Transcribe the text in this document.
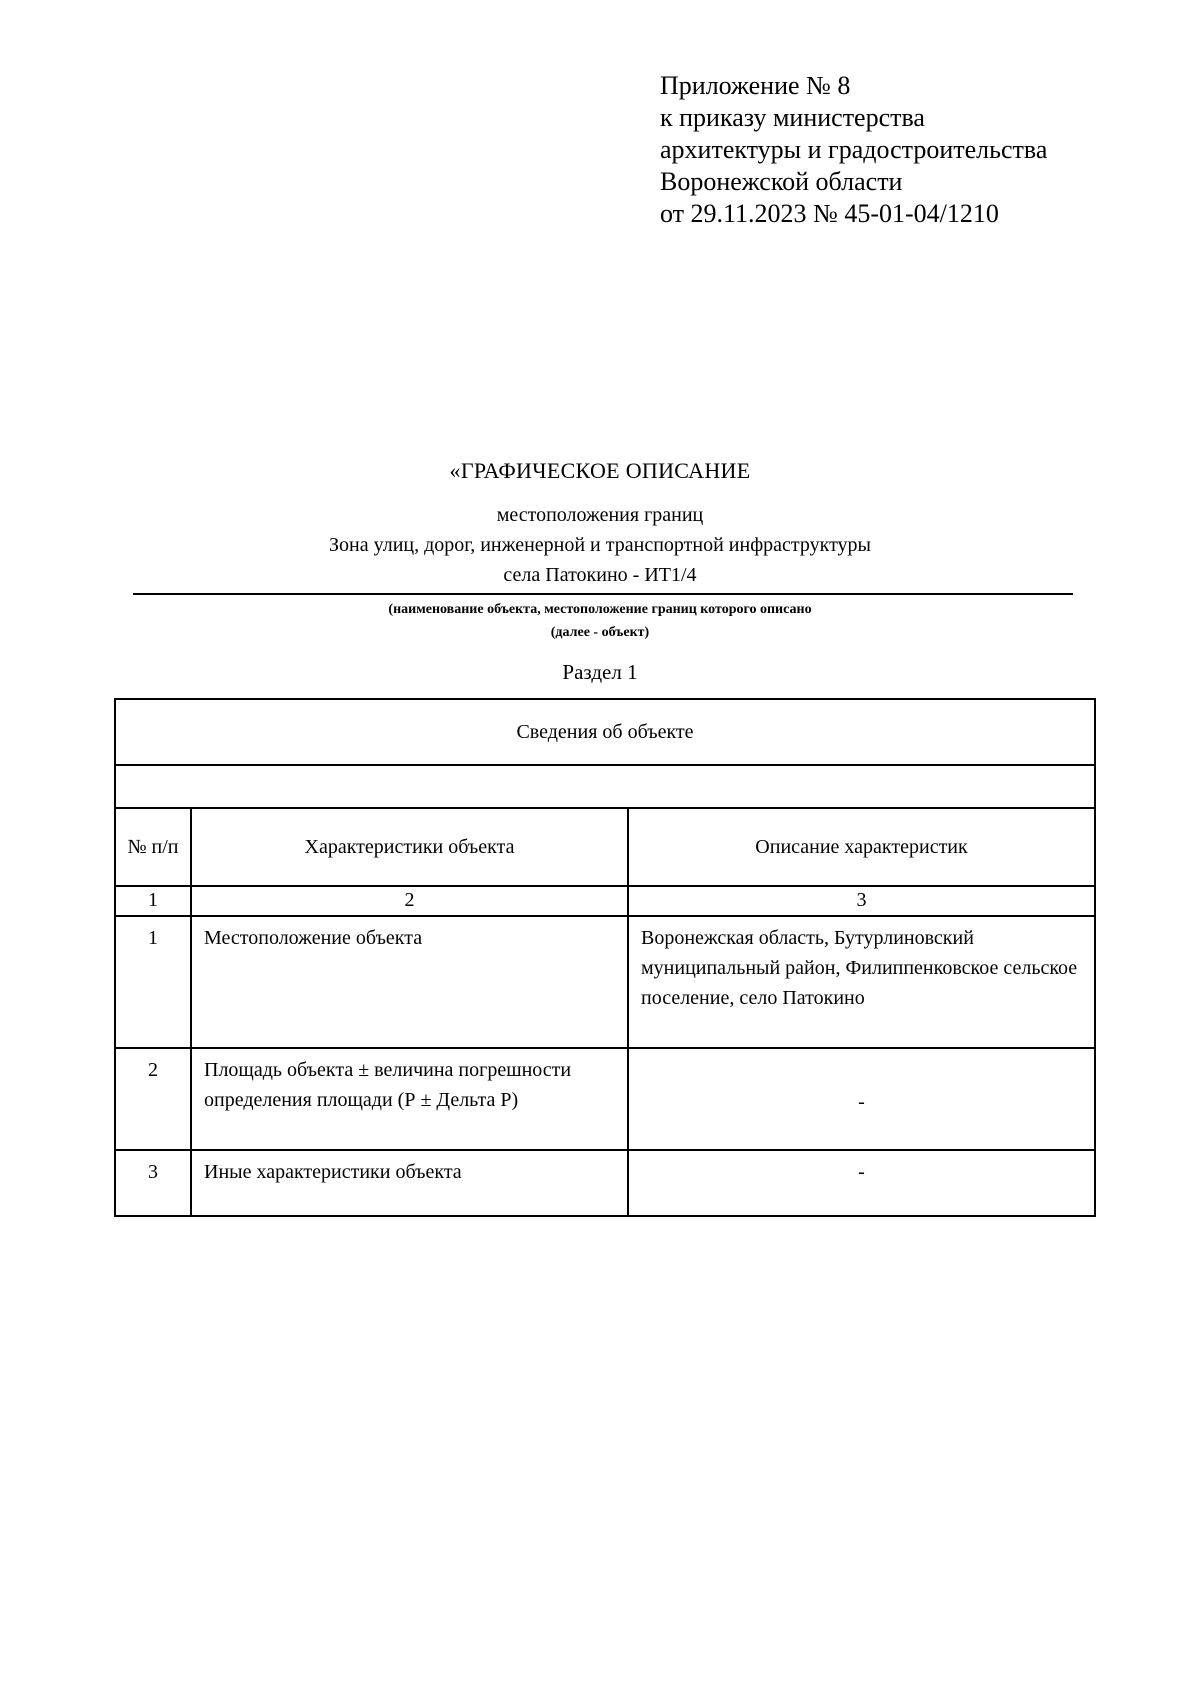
Приложение № 8
к приказу министерства
архитектуры и градостроительства
Воронежской области
от 29.11.2023 № 45-01-04/1210
«ГРАФИЧЕСКОЕ ОПИСАНИЕ
местоположения границ
Зона улиц, дорог, инженерной и транспортной инфраструктуры
села Патокино - ИТ1/4
(наименование объекта, местоположение границ которого описано
(далее - объект)
Раздел 1
Сведения об объекте		

№ п/п	Характеристики объекта	Описание характеристик
1	2	3
1	Местоположение объекта	Воронежская область, Бутурлиновский муниципальный район, Филиппенковское сельское поселение, село Патокино
2	Площадь объекта ± величина погрешности определения площади (Р ± Дельта Р)	-
3	Иные характеристики объекта	-
